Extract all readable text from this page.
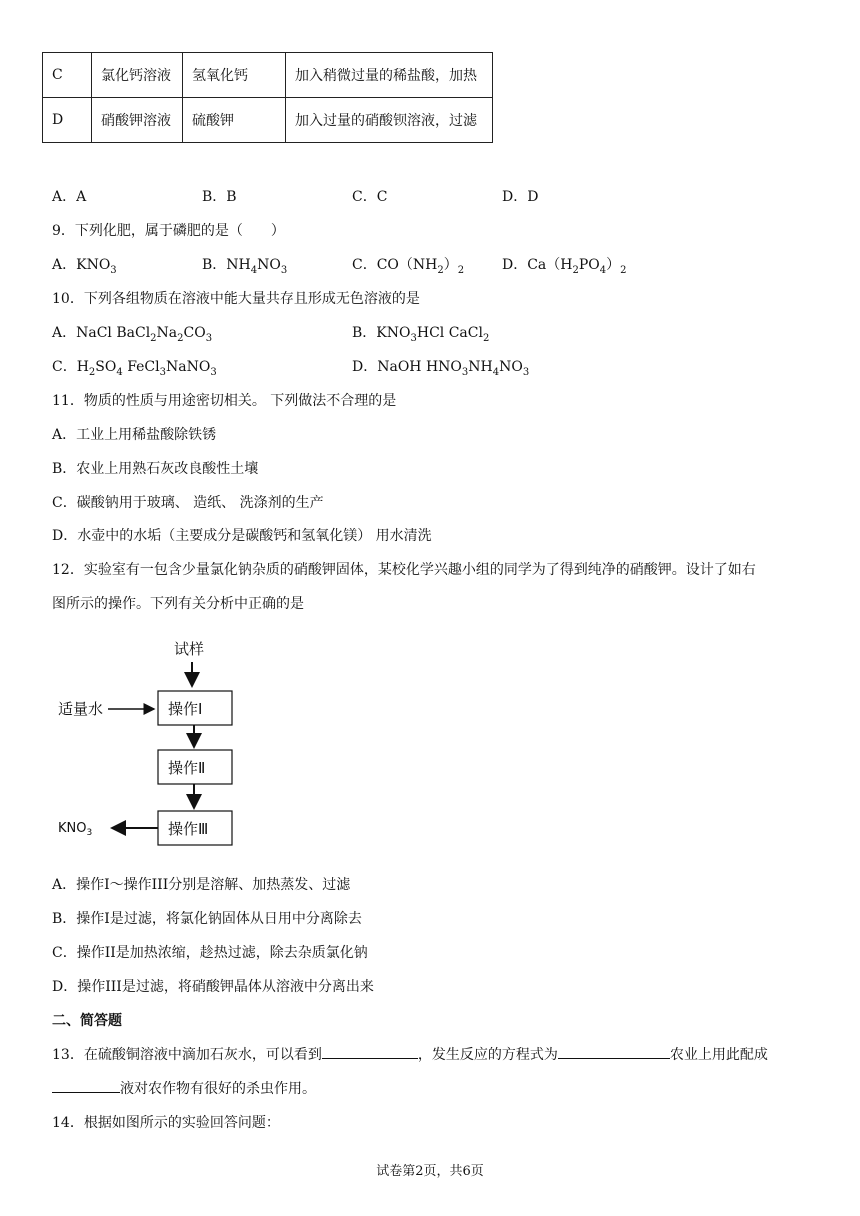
C	氯化钙溶液	氢氧化钙	加入稍微过量的稀盐酸，加热
D	硝酸钾溶液	硫酸钾	加入过量的硝酸钡溶液，过滤
A．A	B．B	C．C	D．D
9．下列化肥，属于磷肥的是（　　）
A．$KNO_3$	B．$NH_4NO_3$	C．$CO(NH_2)_2$	D．$Ca(H_2PO_4)_2$
10．下列各组物质在溶液中能大量共存且形成无色溶液的是
A．NaCl $BaCl_2Na_2CO_3$	B．$KNO_3HCl$ CaCl$_2$
C．$H_2SO_4$ FeCl$_3$NaNO$_3$	D．NaOH $HNO_3NH_4NO_3$
11．物质的性质与用途密切相关。 下列做法不合理的是
A．工业上用稀盐酸除铁锈
B．农业上用熟石灰改良酸性土壤
C．碳酸钠用于玻璃、 造纸、 洗涤剂的生产
D．水壶中的水垢（主要成分是碳酸钙和氢氧化镁） 用水清洗
12．实验室有一包含少量氯化钠杂质的硝酸钾固体，某校化学兴趣小组的同学为了得到纯净的硝酸钾。设计了如右
图所示的操作。下列有关分析中正确的是
试样
适量水	操作Ⅰ
操作Ⅱ
操作Ⅲ
$KNO_3$
A．操作I～操作III分别是溶解、加热蒸发、过滤
B．操作I是过滤，将氯化钠固体从日用中分离除去
C．操作II是加热浓缩，趁热过滤，除去杂质氯化钠
D．操作III是过滤，将硝酸钾晶体从溶液中分离出来
二、简答题
13．在硫酸铜溶液中滴加石灰水，可以看到	，发生反应的方程式为	农业上用此配成
液对农作物有很好的杀虫作用。
14．根据如图所示的实验回答问题：
试卷第2页，共6页
